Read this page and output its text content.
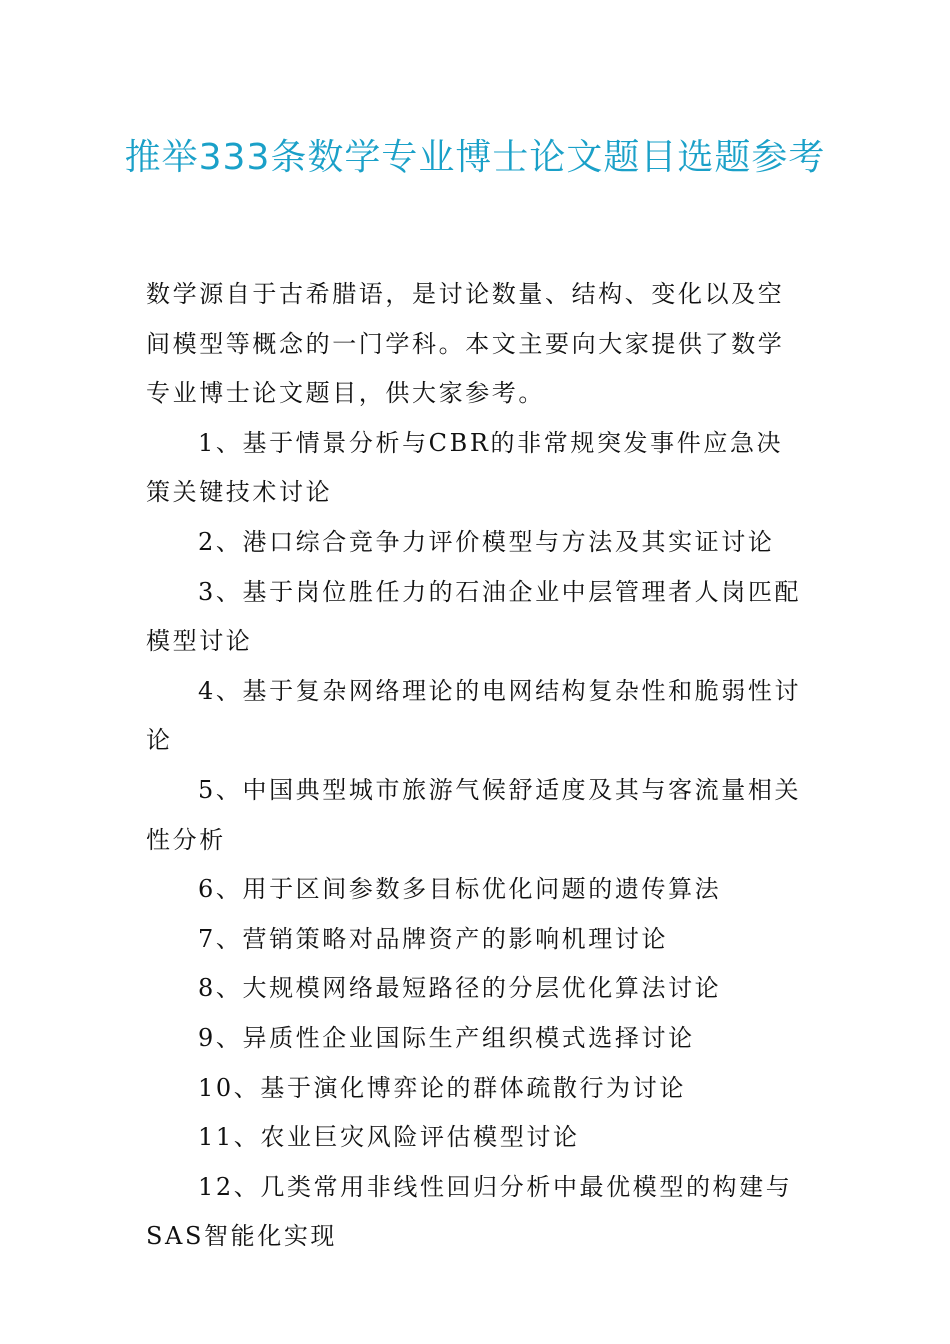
推举333条数学专业博士论文题目选题参考

数学源自于古希腊语，是讨论数量、结构、变化以及空间模型等概念的一门学科。本文主要向大家提供了数学专业博士论文题目，供大家参考。

1、基于情景分析与CBR的非常规突发事件应急决策关键技术讨论

2、港口综合竞争力评价模型与方法及其实证讨论

3、基于岗位胜任力的石油企业中层管理者人岗匹配模型讨论

4、基于复杂网络理论的电网结构复杂性和脆弱性讨论

5、中国典型城市旅游气候舒适度及其与客流量相关性分析

6、用于区间参数多目标优化问题的遗传算法

7、营销策略对品牌资产的影响机理讨论

8、大规模网络最短路径的分层优化算法讨论

9、异质性企业国际生产组织模式选择讨论

10、基于演化博弈论的群体疏散行为讨论

11、农业巨灾风险评估模型讨论

12、几类常用非线性回归分析中最优模型的构建与SAS智能化实现
